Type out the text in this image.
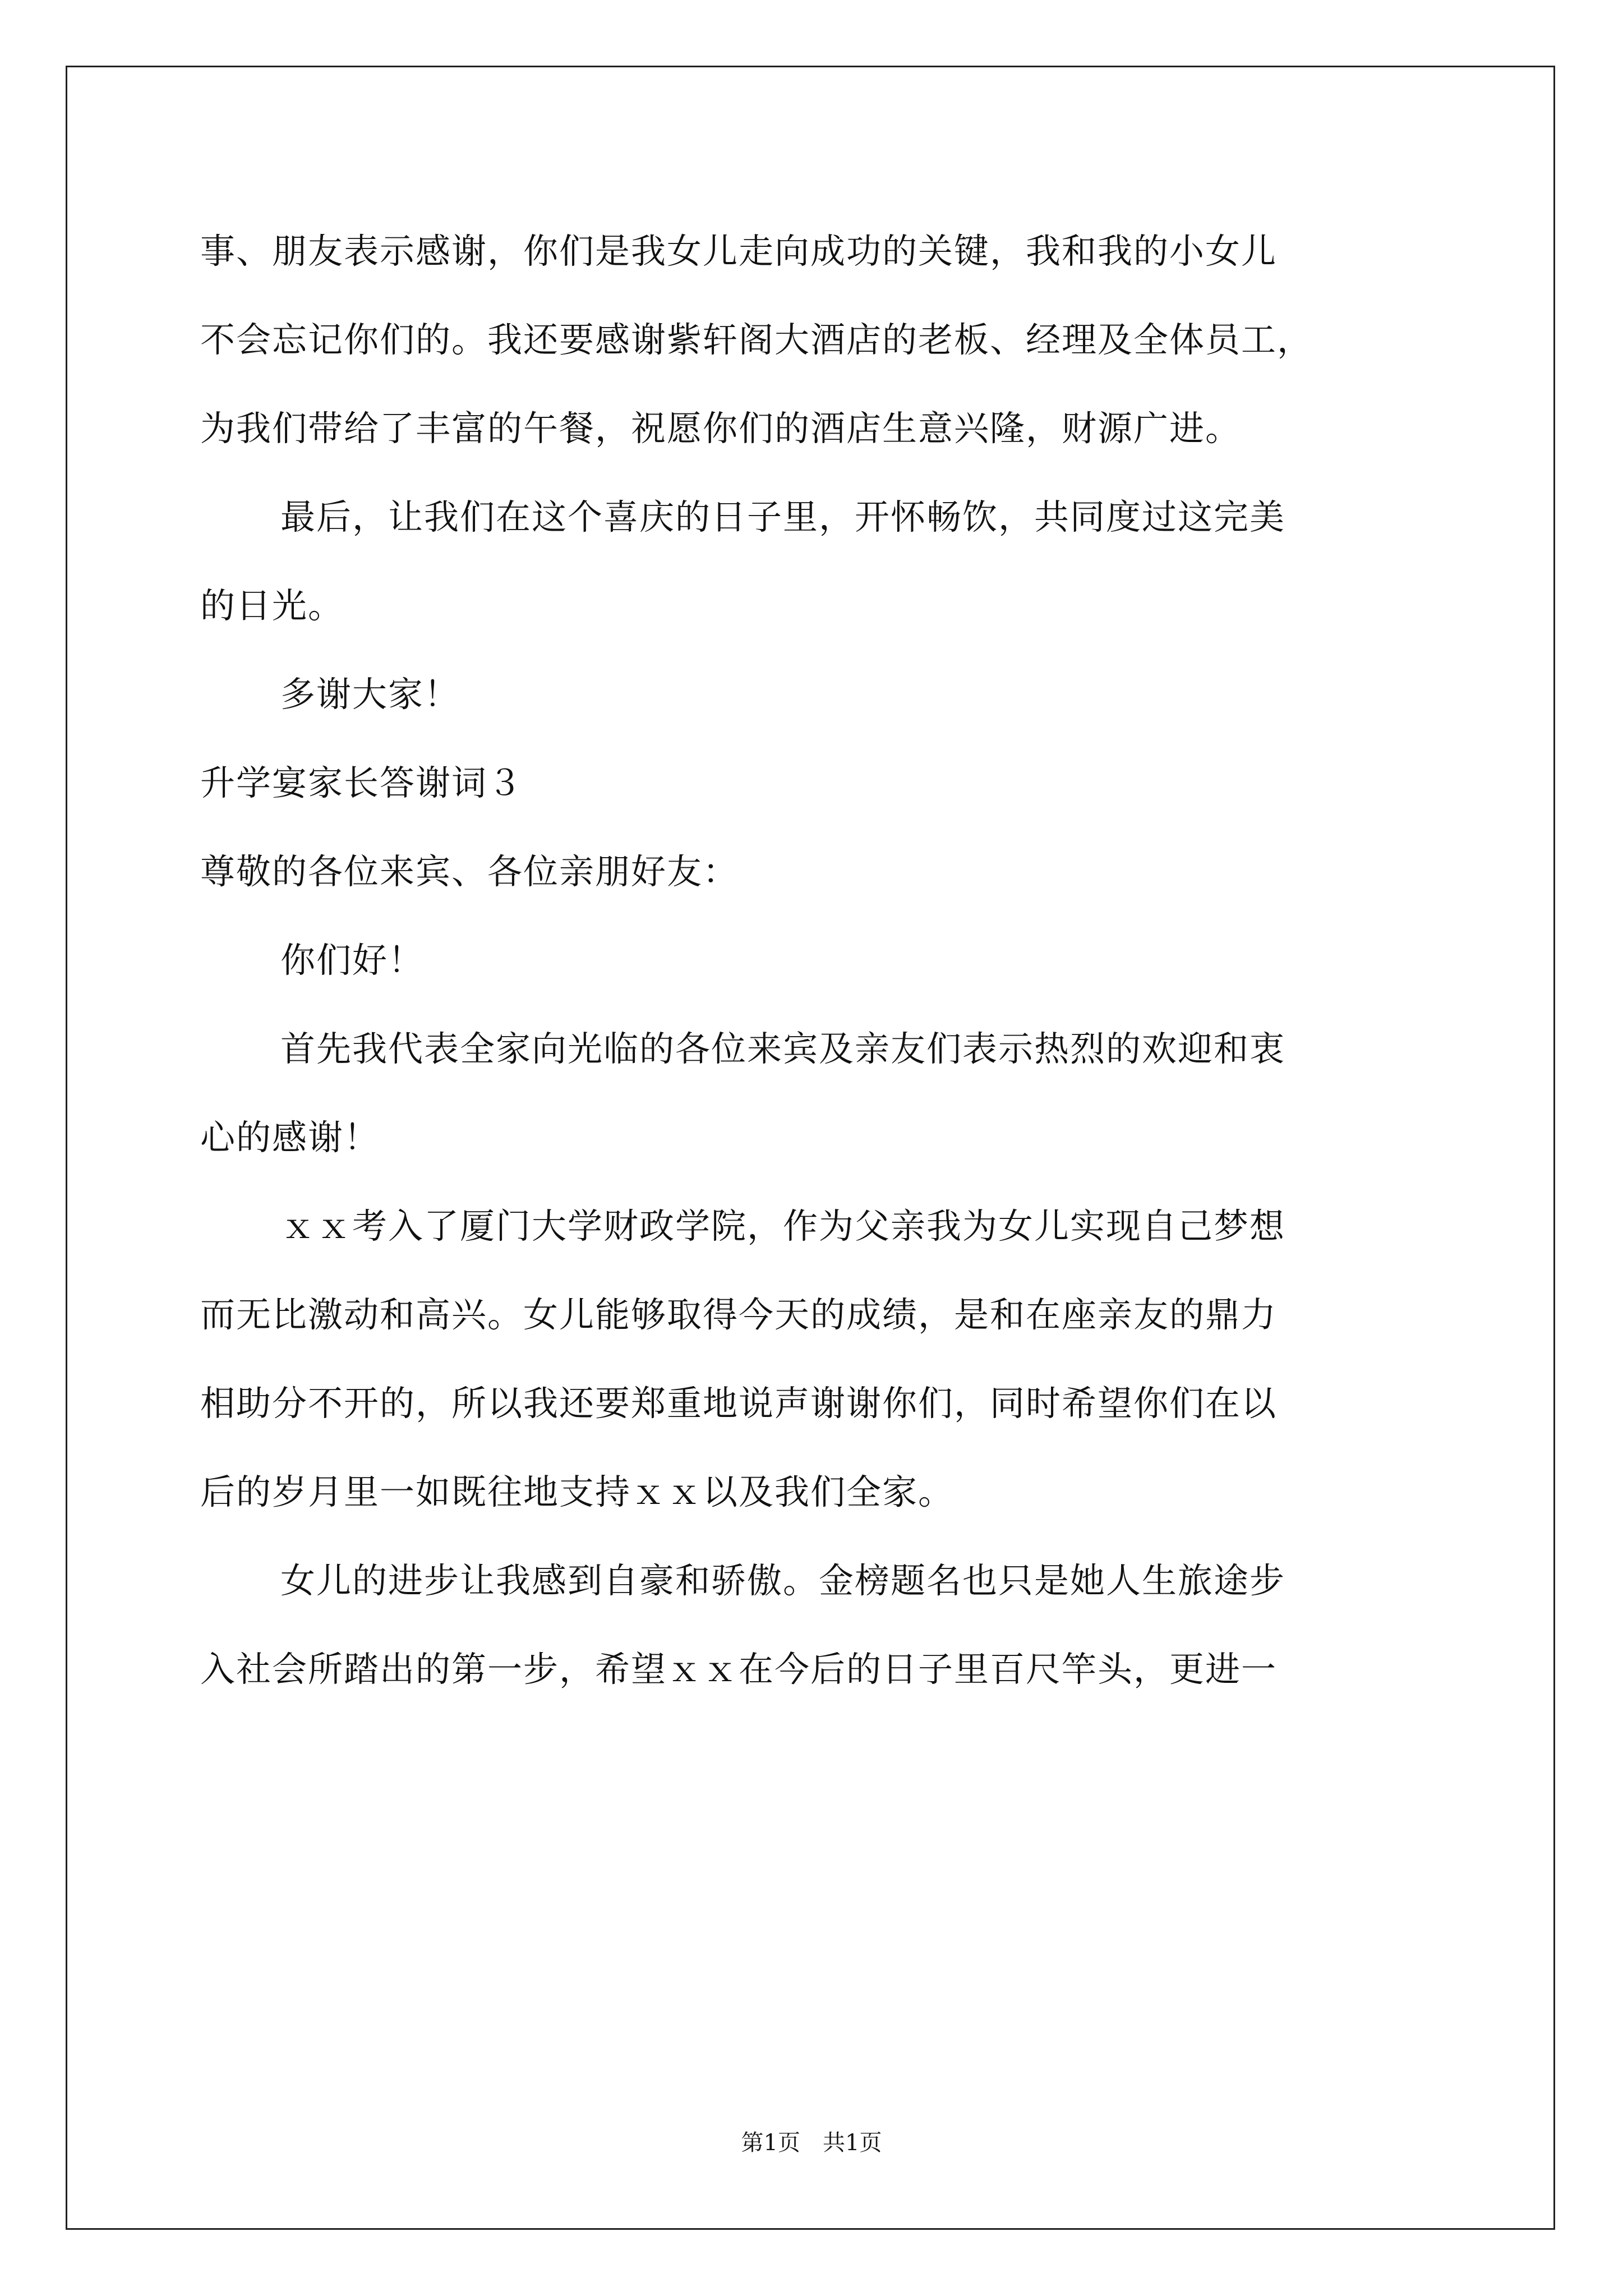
事、朋友表示感谢，你们是我女儿走向成功的关键，我和我的小女儿
不会忘记你们的。我还要感谢紫轩阁大酒店的老板、经理及全体员工，
为我们带给了丰富的午餐，祝愿你们的酒店生意兴隆，财源广进。
最后，让我们在这个喜庆的日子里，开怀畅饮，共同度过这完美
的日光。
多谢大家！
升学宴家长答谢词３
尊敬的各位来宾、各位亲朋好友：
你们好！
首先我代表全家向光临的各位来宾及亲友们表示热烈的欢迎和衷
心的感谢！
ｘｘ考入了厦门大学财政学院，作为父亲我为女儿实现自己梦想
而无比激动和高兴。女儿能够取得今天的成绩，是和在座亲友的鼎力
相助分不开的，所以我还要郑重地说声谢谢你们，同时希望你们在以
后的岁月里一如既往地支持ｘｘ以及我们全家。
女儿的进步让我感到自豪和骄傲。金榜题名也只是她人生旅途步
入社会所踏出的第一步，希望ｘｘ在今后的日子里百尺竿头，更进一
第1页　共1页
